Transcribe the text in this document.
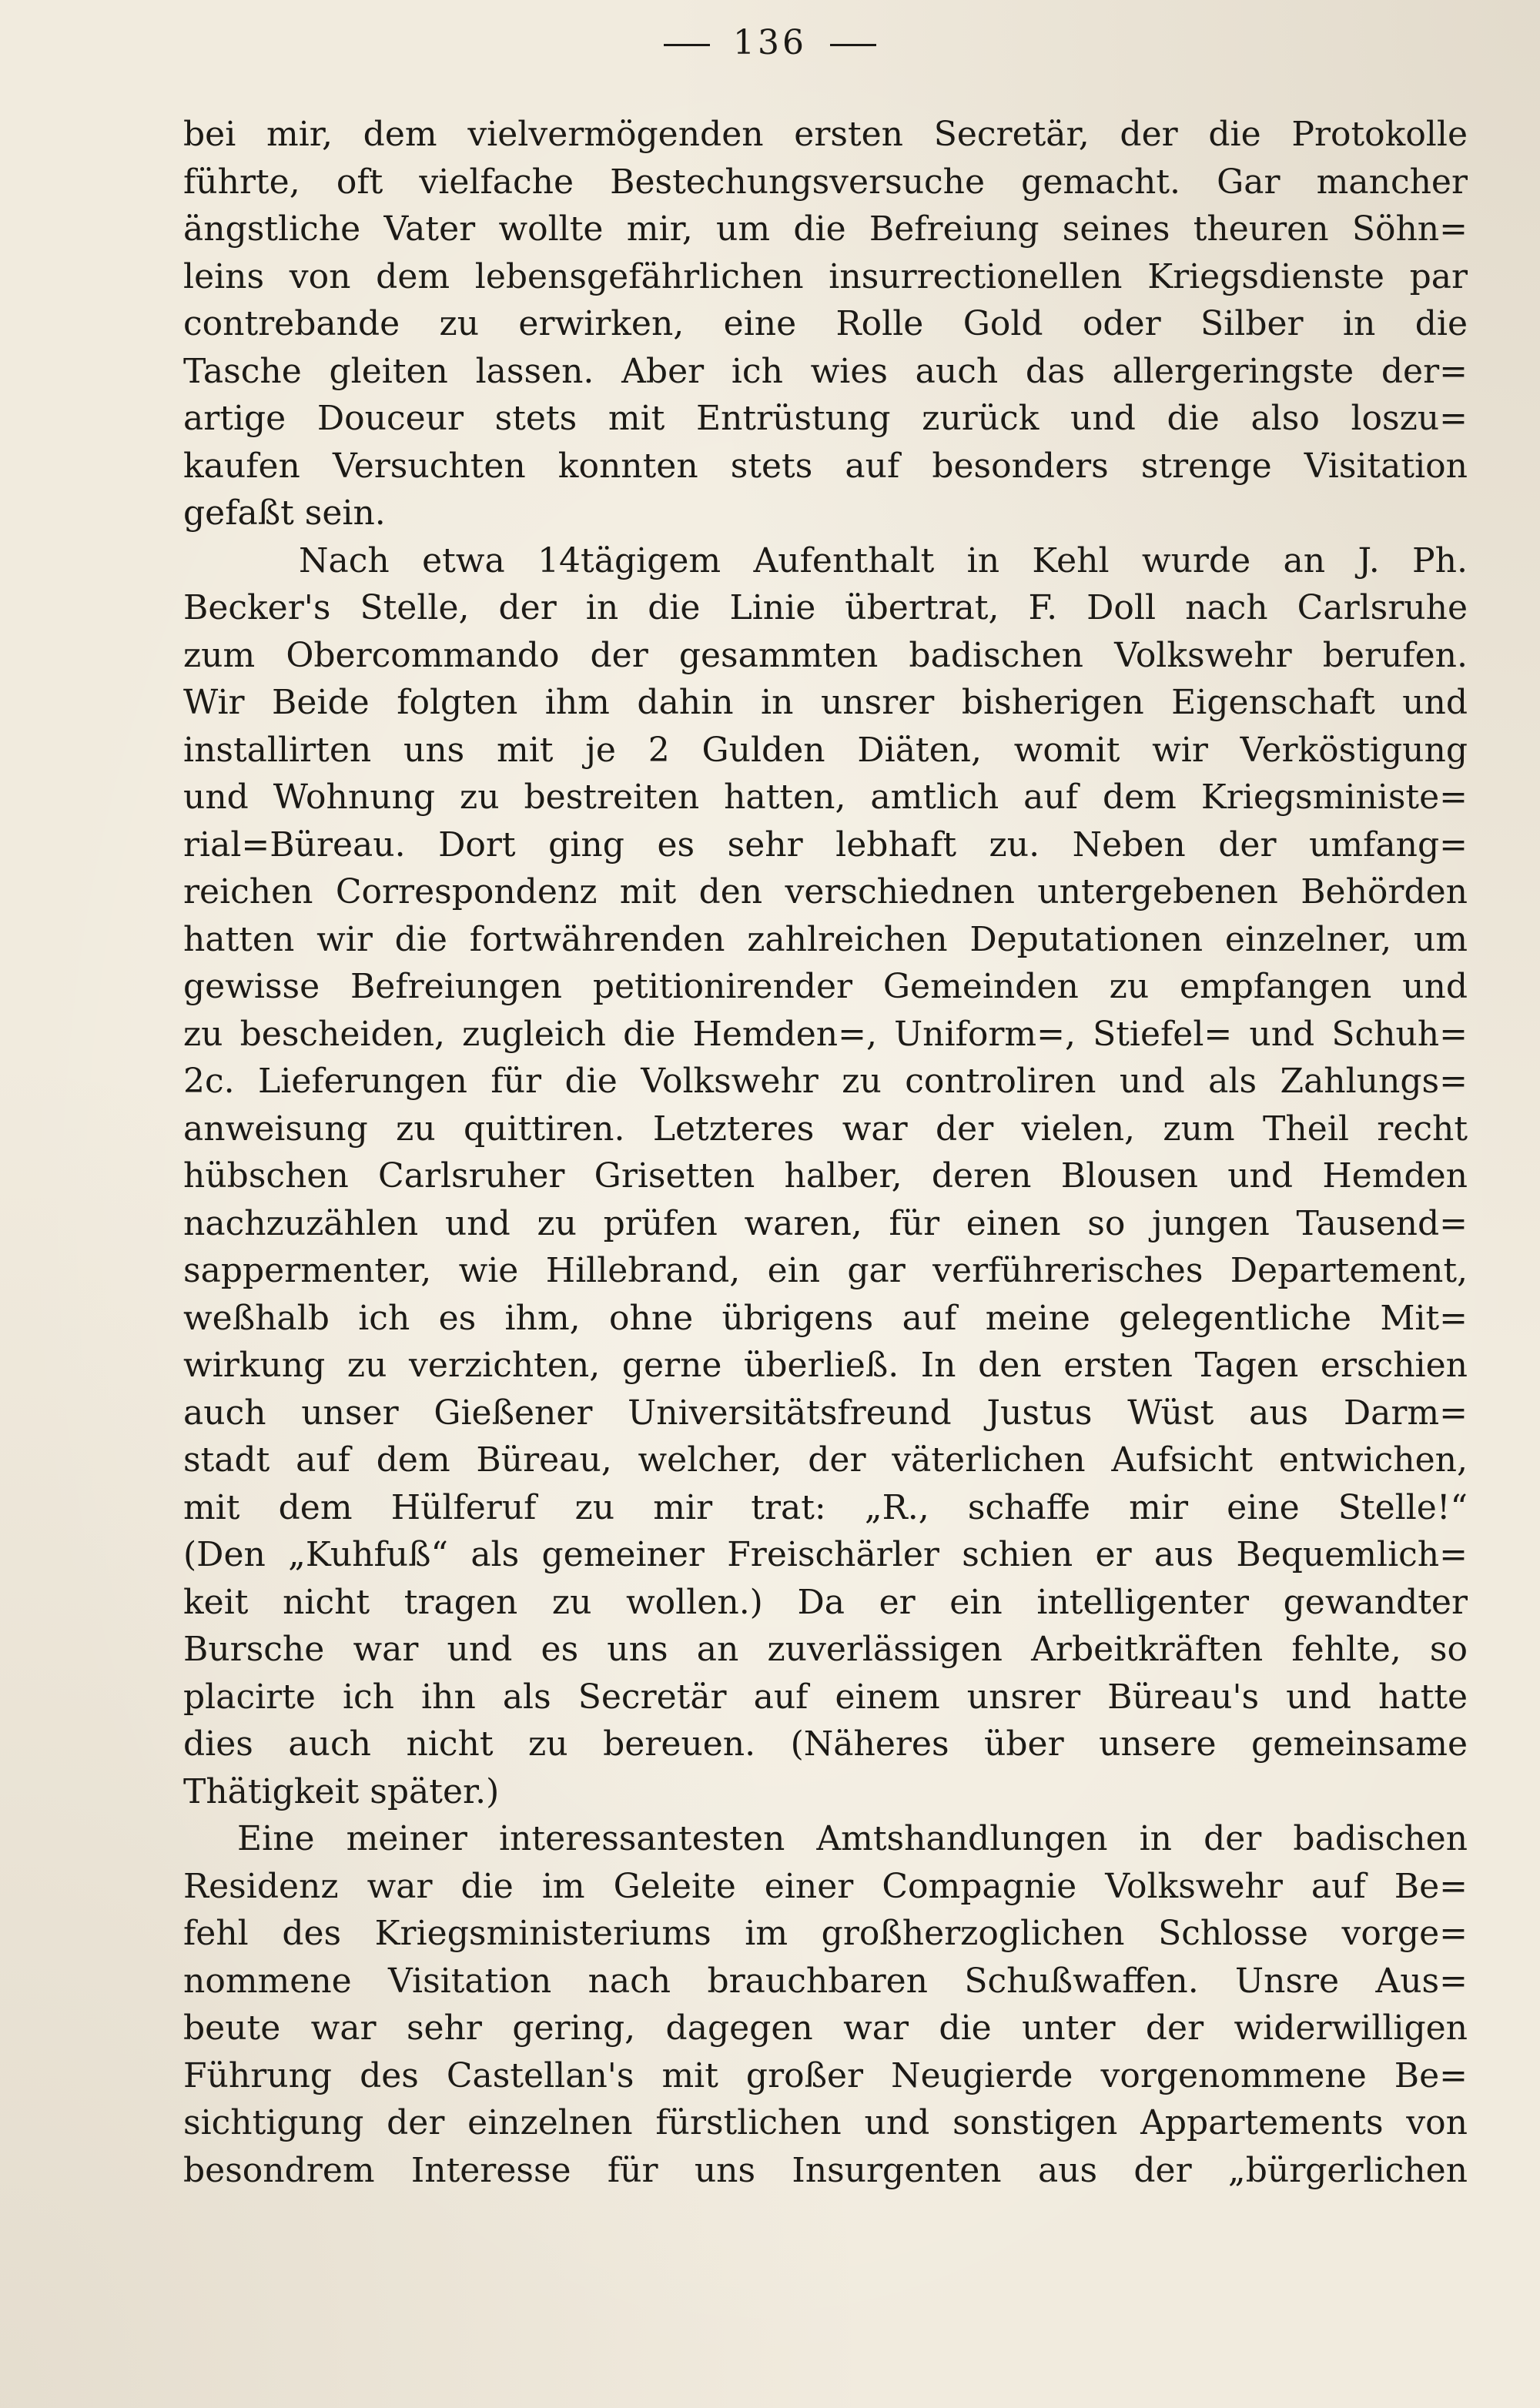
136
bei mir, dem vielvermögenden ersten Secretär, der die Protokolle
führte, oft vielfache Bestechungsversuche gemacht. Gar mancher
ängstliche Vater wollte mir, um die Befreiung seines theuren Söhn=
leins von dem lebensgefährlichen insurrectionellen Kriegsdienste par
contrebande zu erwirken, eine Rolle Gold oder Silber in die
Tasche gleiten lassen. Aber ich wies auch das allergeringste der=
artige Douceur stets mit Entrüstung zurück und die also loszu=
kaufen Versuchten konnten stets auf besonders strenge Visitation
gefaßt sein.
Nach etwa 14tägigem Aufenthalt in Kehl wurde an J. Ph.
Becker's Stelle, der in die Linie übertrat, F. Doll nach Carlsruhe
zum Obercommando der gesammten badischen Volkswehr berufen.
Wir Beide folgten ihm dahin in unsrer bisherigen Eigenschaft und
installirten uns mit je 2 Gulden Diäten, womit wir Verköstigung
und Wohnung zu bestreiten hatten, amtlich auf dem Kriegsministe=
rial=Büreau. Dort ging es sehr lebhaft zu. Neben der umfang=
reichen Correspondenz mit den verschiednen untergebenen Behörden
hatten wir die fortwährenden zahlreichen Deputationen einzelner, um
gewisse Befreiungen petitionirender Gemeinden zu empfangen und
zu bescheiden, zugleich die Hemden=, Uniform=, Stiefel= und Schuh=
2c. Lieferungen für die Volkswehr zu controliren und als Zahlungs=
anweisung zu quittiren. Letzteres war der vielen, zum Theil recht
hübschen Carlsruher Grisetten halber, deren Blousen und Hemden
nachzuzählen und zu prüfen waren, für einen so jungen Tausend=
sappermenter, wie Hillebrand, ein gar verführerisches Departement,
weßhalb ich es ihm, ohne übrigens auf meine gelegentliche Mit=
wirkung zu verzichten, gerne überließ. In den ersten Tagen erschien
auch unser Gießener Universitätsfreund Justus Wüst aus Darm=
stadt auf dem Büreau, welcher, der väterlichen Aufsicht entwichen,
mit dem Hülferuf zu mir trat: „R., schaffe mir eine Stelle!“
(Den „Kuhfuß“ als gemeiner Freischärler schien er aus Bequemlich=
keit nicht tragen zu wollen.) Da er ein intelligenter gewandter
Bursche war und es uns an zuverlässigen Arbeitkräften fehlte, so
placirte ich ihn als Secretär auf einem unsrer Büreau's und hatte
dies auch nicht zu bereuen. (Näheres über unsere gemeinsame
Thätigkeit später.)
Eine meiner interessantesten Amtshandlungen in der badischen
Residenz war die im Geleite einer Compagnie Volkswehr auf Be=
fehl des Kriegsministeriums im großherzoglichen Schlosse vorge=
nommene Visitation nach brauchbaren Schußwaffen. Unsre Aus=
beute war sehr gering, dagegen war die unter der widerwilligen
Führung des Castellan's mit großer Neugierde vorgenommene Be=
sichtigung der einzelnen fürstlichen und sonstigen Appartements von
besondrem Interesse für uns Insurgenten aus der „bürgerlichen
